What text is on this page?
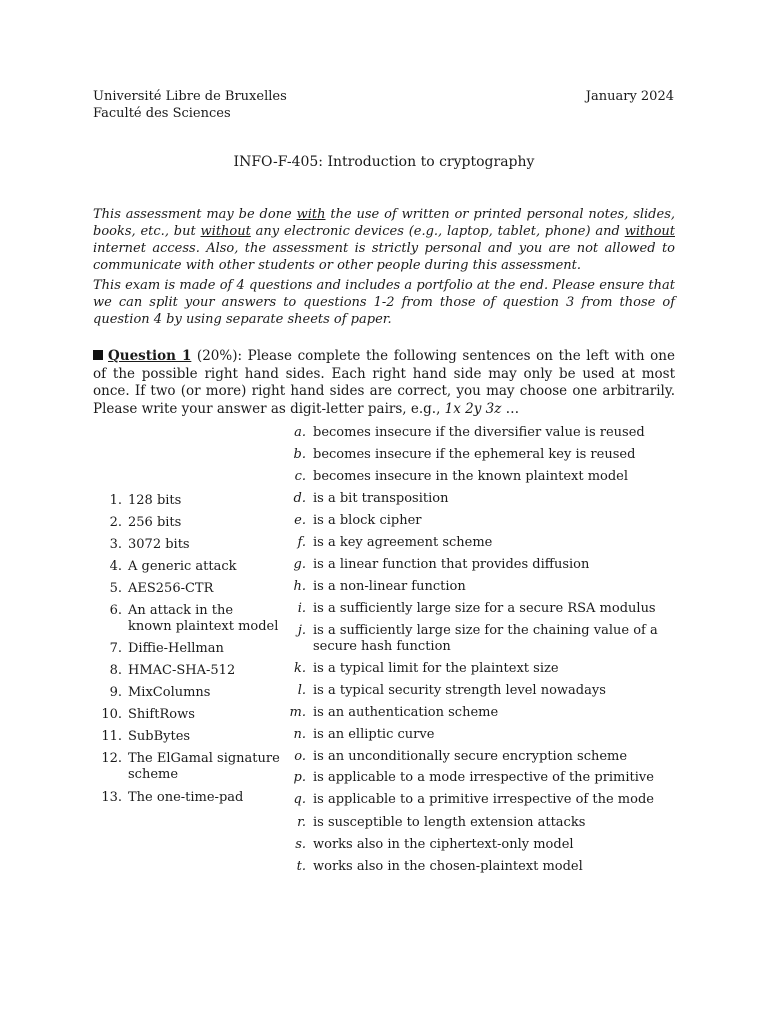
Université Libre de Bruxelles
Faculté des Sciences
January 2024
INFO-F-405: Introduction to cryptography
This assessment may be done with the use of written or printed personal notes, slides, books, etc., but without any electronic devices (e.g., laptop, tablet, phone) and without internet access. Also, the assessment is strictly personal and you are not allowed to communicate with other students or other people during this assessment.
This exam is made of 4 questions and includes a portfolio at the end. Please ensure that we can split your answers to questions 1-2 from those of question 3 from those of question 4 by using separate sheets of paper.
Question 1 (20%): Please complete the following sentences on the left with one of the possible right hand sides. Each right hand side may only be used at most once. If two (or more) right hand sides are correct, you may choose one arbitrarily. Please write your answer as digit-letter pairs, e.g., 1x 2y 3z …
1. 128 bits
2. 256 bits
3. 3072 bits
4. A generic attack
5. AES256-CTR
6. An attack in the known plaintext model
7. Diffie-Hellman
8. HMAC-SHA-512
9. MixColumns
10. ShiftRows
11. SubBytes
12. The ElGamal signature scheme
13. The one-time-pad
a. becomes insecure if the diversifier value is reused
b. becomes insecure if the ephemeral key is reused
c. becomes insecure in the known plaintext model
d. is a bit transposition
e. is a block cipher
f. is a key agreement scheme
g. is a linear function that provides diffusion
h. is a non-linear function
i. is a sufficiently large size for a secure RSA modulus
j. is a sufficiently large size for the chaining value of a secure hash function
k. is a typical limit for the plaintext size
l. is a typical security strength level nowadays
m. is an authentication scheme
n. is an elliptic curve
o. is an unconditionally secure encryption scheme
p. is applicable to a mode irrespective of the primitive
q. is applicable to a primitive irrespective of the mode
r. is susceptible to length extension attacks
s. works also in the ciphertext-only model
t. works also in the chosen-plaintext model
